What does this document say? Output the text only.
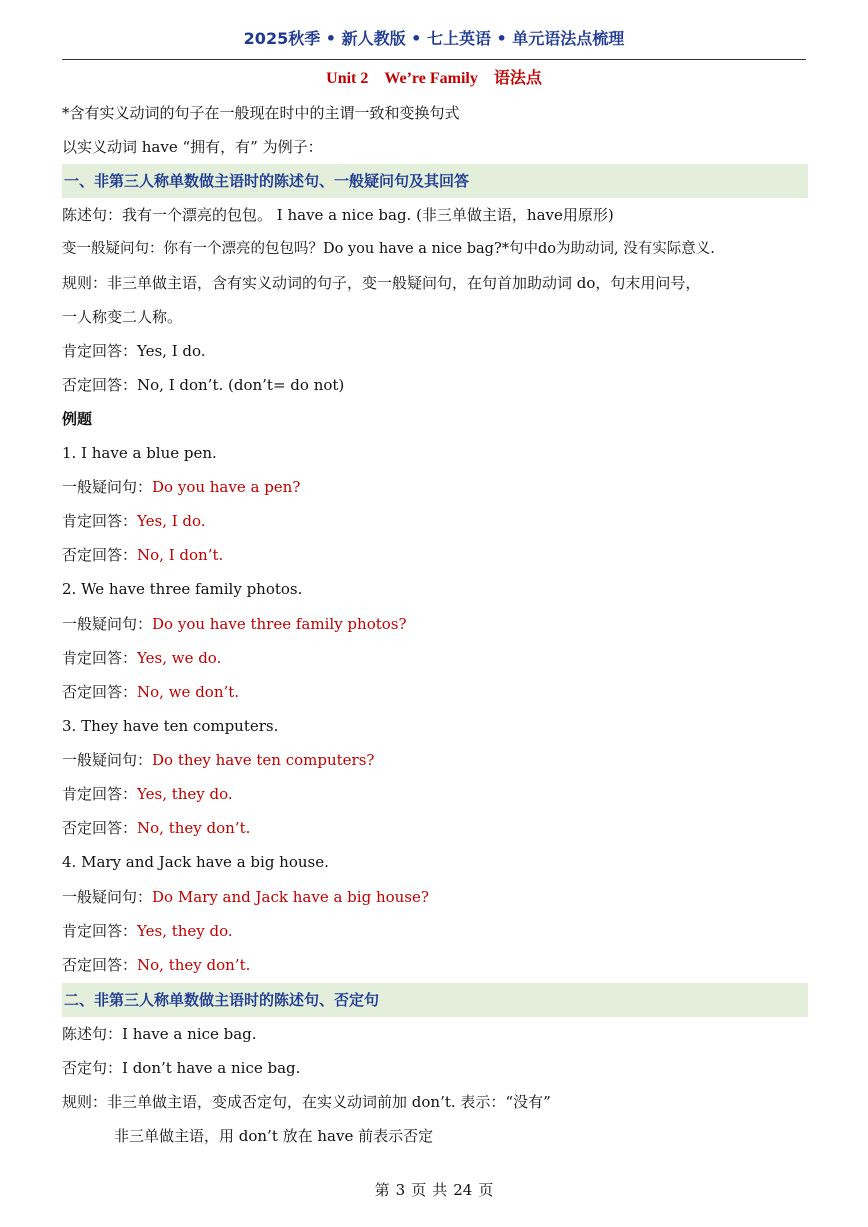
2025秋季 • 新人教版 • 七上英语 • 单元语法点梳理
Unit 2 We’re Family 语法点
*含有实义动词的句子在一般现在时中的主谓一致和变换句式
以实义动词 have “拥有，有” 为例子：
一、非第三人称单数做主语时的陈述句、一般疑问句及其回答
陈述句：我有一个漂亮的包包。 I have a nice bag. (非三单做主语，have用原形)
变一般疑问句：你有一个漂亮的包包吗？Do you have a nice bag?*句中do为助动词, 没有实际意义.
规则：非三单做主语，含有实义动词的句子，变一般疑问句，在句首加助动词 do，句末用问号，
一人称变二人称。
肯定回答：Yes, I do.
否定回答：No, I don’t. (don’t= do not)
例题
1. I have a blue pen.
一般疑问句：Do you have a pen?
肯定回答：Yes, I do.
否定回答：No, I don’t.
2. We have three family photos.
一般疑问句：Do you have three family photos?
肯定回答：Yes, we do.
否定回答：No, we don’t.
3. They have ten computers.
一般疑问句：Do they have ten computers?
肯定回答：Yes, they do.
否定回答：No, they don’t.
4. Mary and Jack have a big house.
一般疑问句：Do Mary and Jack have a big house?
肯定回答：Yes, they do.
否定回答：No, they don’t.
二、非第三人称单数做主语时的陈述句、否定句
陈述句：I have a nice bag.
否定句：I don’t have a nice bag.
规则：非三单做主语，变成否定句，在实义动词前加 don’t. 表示：“没有”
非三单做主语，用 don’t 放在 have 前表示否定
第 3 页 共 24 页
